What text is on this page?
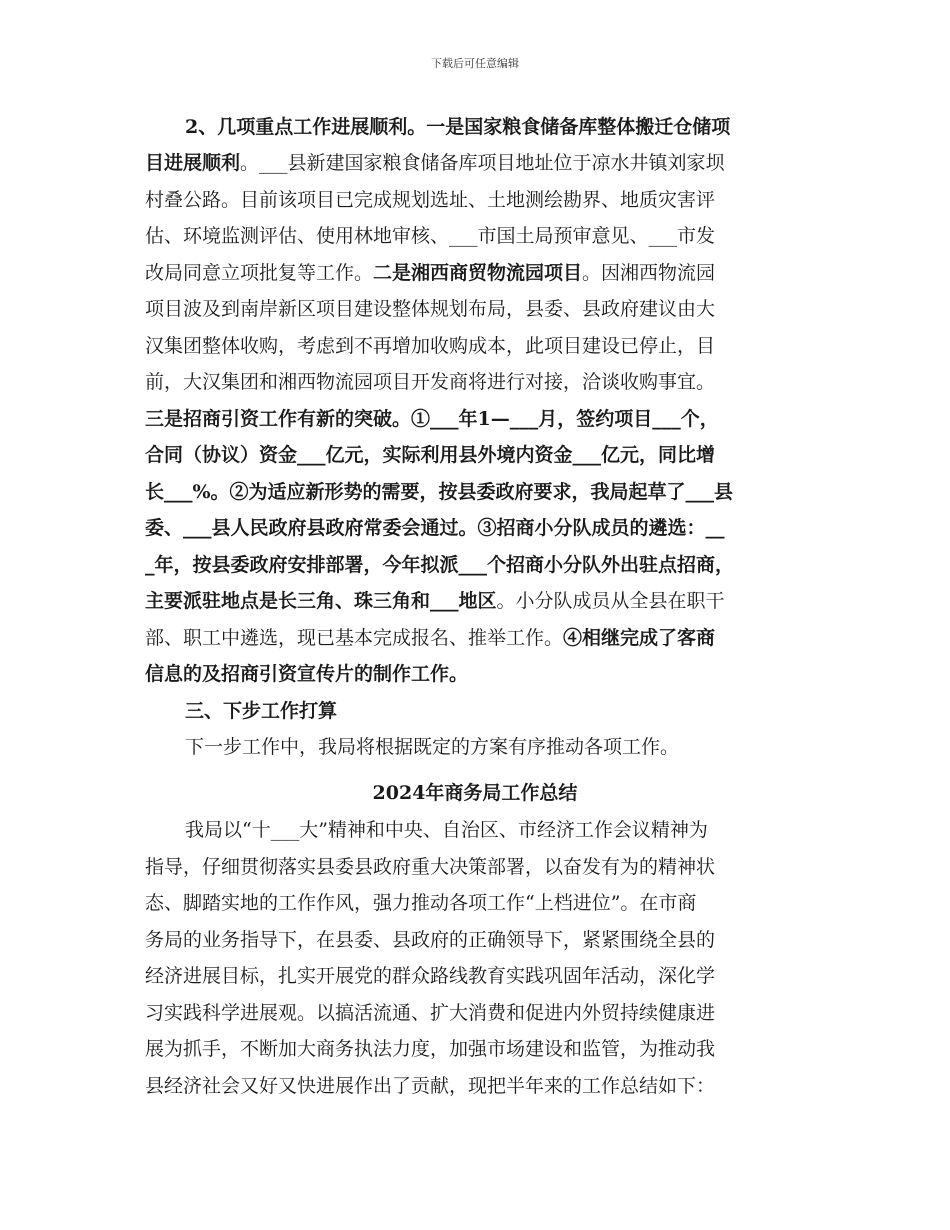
下载后可任意编辑
2、几项重点工作进展顺利。一是国家粮食储备库整体搬迁仓储项
目进展顺利。___县新建国家粮食储备库项目地址位于凉水井镇刘家坝
村叠公路。目前该项目已完成规划选址、土地测绘勘界、地质灾害评
估、环境监测评估、使用林地审核、___市国土局预审意见、___市发
改局同意立项批复等工作。二是湘西商贸物流园项目。因湘西物流园
项目波及到南岸新区项目建设整体规划布局，县委、县政府建议由大
汉集团整体收购，考虑到不再增加收购成本，此项目建设已停止，目
前，大汉集团和湘西物流园项目开发商将进行对接，洽谈收购事宜。
三是招商引资工作有新的突破。①___年1—___月，签约项目___个，
合同（协议）资金___亿元，实际利用县外境内资金___亿元，同比增
长___%。②为适应新形势的需要，按县委政府要求，我局起草了___县
委、___县人民政府县政府常委会通过。③招商小分队成员的遴选：__
_年，按县委政府安排部署，今年拟派___个招商小分队外出驻点招商，
主要派驻地点是长三角、珠三角和___地区。小分队成员从全县在职干
部、职工中遴选，现已基本完成报名、推举工作。④相继完成了客商
信息的及招商引资宣传片的制作工作。
三、下步工作打算
下一步工作中，我局将根据既定的方案有序推动各项工作。
我局以“十___大”精神和中央、自治区、市经济工作会议精神为
指导，仔细贯彻落实县委县政府重大决策部署，以奋发有为的精神状
态、脚踏实地的工作作风，强力推动各项工作“上档进位”。在市商
务局的业务指导下，在县委、县政府的正确领导下，紧紧围绕全县的
经济进展目标，扎实开展党的群众路线教育实践巩固年活动，深化学
习实践科学进展观。以搞活流通、扩大消费和促进内外贸持续健康进
展为抓手，不断加大商务执法力度，加强市场建设和监管，为推动我
县经济社会又好又快进展作出了贡献，现把半年来的工作总结如下：
2024年商务局工作总结
